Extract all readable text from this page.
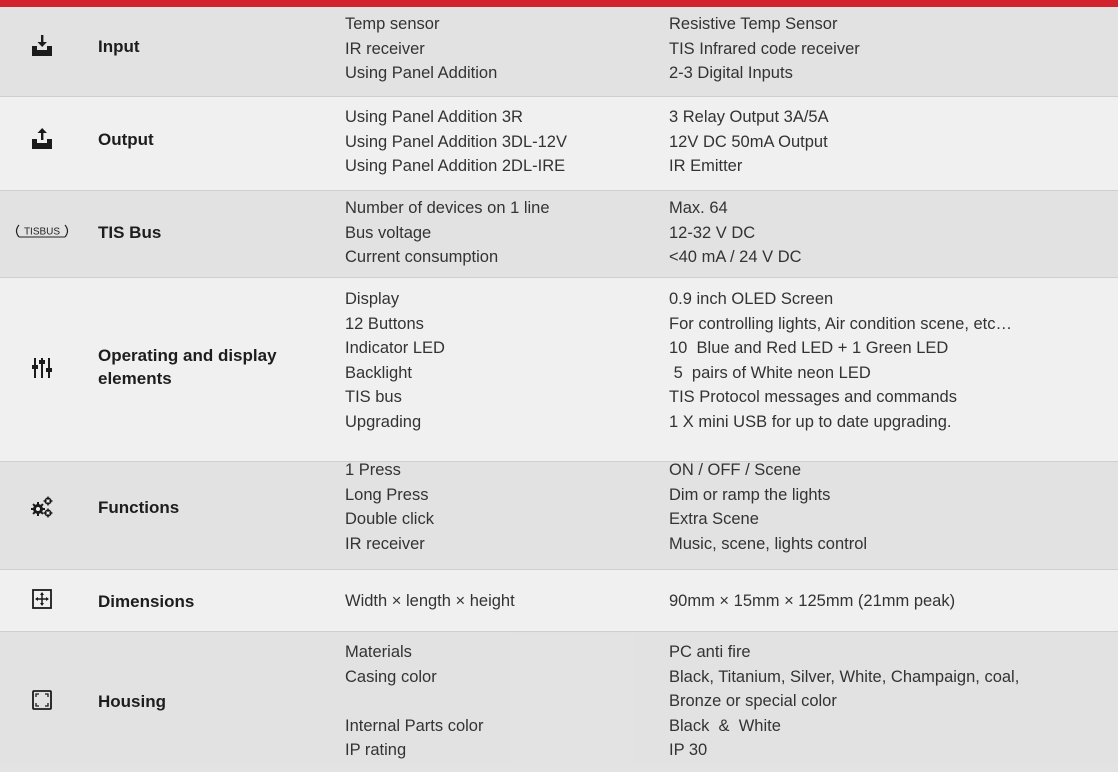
Input
Temp sensor
IR receiver
Using Panel Addition
Resistive Temp Sensor
TIS Infrared code receiver
2-3 Digital Inputs
Output
Using Panel Addition 3R
Using Panel Addition 3DL-12V
Using Panel Addition 2DL-IRE
3 Relay Output 3A/5A
12V DC 50mA Output
IR Emitter
TISBUS TIS Bus
Number of devices on 1 line
Bus voltage
Current consumption
Max. 64
12-32 V DC
<40 mA / 24 V DC
Operating and display elements
Display
12 Buttons
Indicator LED
Backlight
TIS bus
Upgrading
0.9 inch OLED Screen
For controlling lights, Air condition scene, etc…
10  Blue and Red LED + 1 Green LED
5  pairs of White neon LED
TIS Protocol messages and commands
1 X mini USB for up to date upgrading.
Functions
1 Press
Long Press
Double click
IR receiver
ON / OFF / Scene
Dim or ramp the lights
Extra Scene
Music, scene, lights control
Dimensions	Width × length × height	90mm × 15mm × 125mm (21mm peak)
Housing
Materials
Casing color
Internal Parts color
IP rating
PC anti fire
Black, Titanium, Silver, White, Champaign, coal,
Bronze or special color
Black  &  White
IP 30
